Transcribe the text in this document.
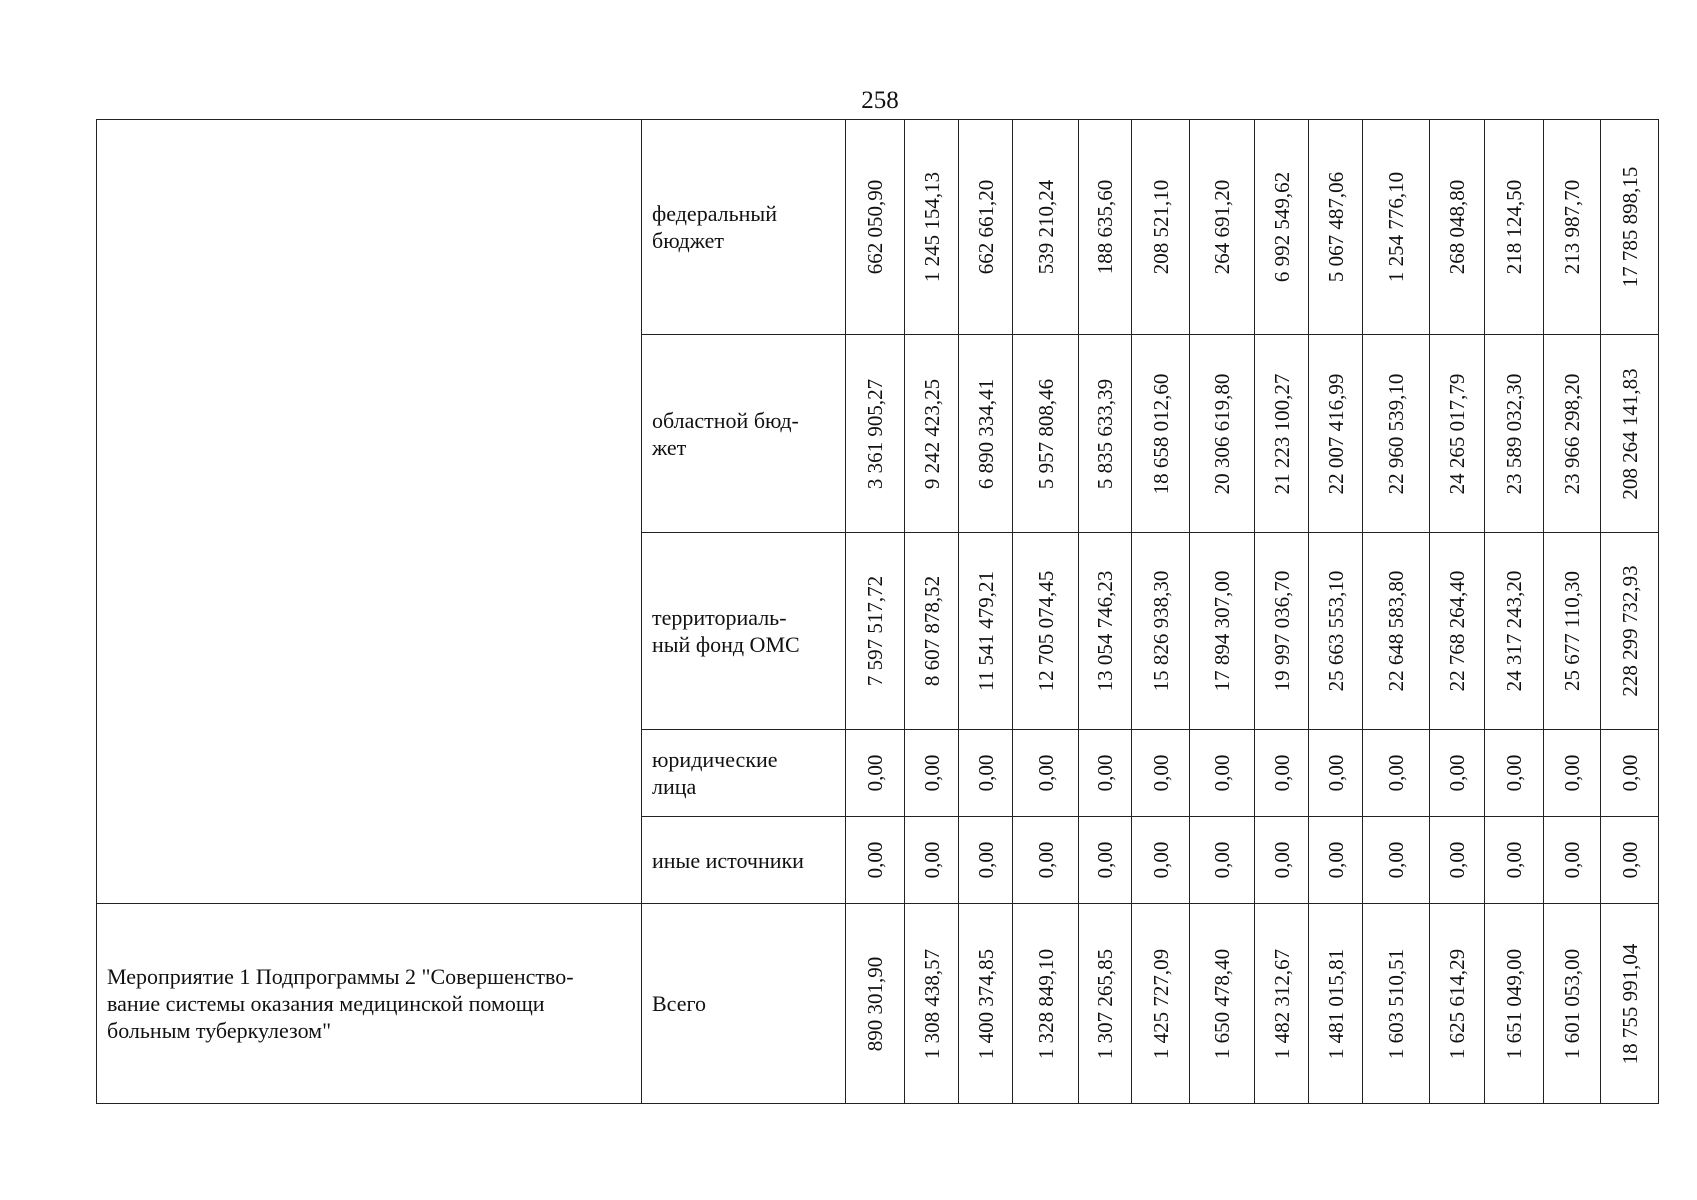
258

	федеральный
бюджет	662 050,90	1 245 154,13	662 661,20	539 210,24	188 635,60	208 521,10	264 691,20	6 992 549,62	5 067 487,06	1 254 776,10	268 048,80	218 124,50	213 987,70	17 785 898,15

	областной бюд-
жет	3 361 905,27	9 242 423,25	6 890 334,41	5 957 808,46	5 835 633,39	18 658 012,60	20 306 619,80	21 223 100,27	22 007 416,99	22 960 539,10	24 265 017,79	23 589 032,30	23 966 298,20	208 264 141,83

	территориаль-
ный фонд ОМС	7 597 517,72	8 607 878,52	11 541 479,21	12 705 074,45	13 054 746,23	15 826 938,30	17 894 307,00	19 997 036,70	25 663 553,10	22 648 583,80	22 768 264,40	24 317 243,20	25 677 110,30	228 299 732,93

	юридические
лица	0,00	0,00	0,00	0,00	0,00	0,00	0,00	0,00	0,00	0,00	0,00	0,00	0,00	0,00

	иные источники	0,00	0,00	0,00	0,00	0,00	0,00	0,00	0,00	0,00	0,00	0,00	0,00	0,00	0,00

Мероприятие 1 Подпрограммы 2 "Совершенство-
вание системы оказания медицинской помощи
больным туберкулезом"	Всего	890 301,90	1 308 438,57	1 400 374,85	1 328 849,10	1 307 265,85	1 425 727,09	1 650 478,40	1 482 312,67	1 481 015,81	1 603 510,51	1 625 614,29	1 651 049,00	1 601 053,00	18 755 991,04
